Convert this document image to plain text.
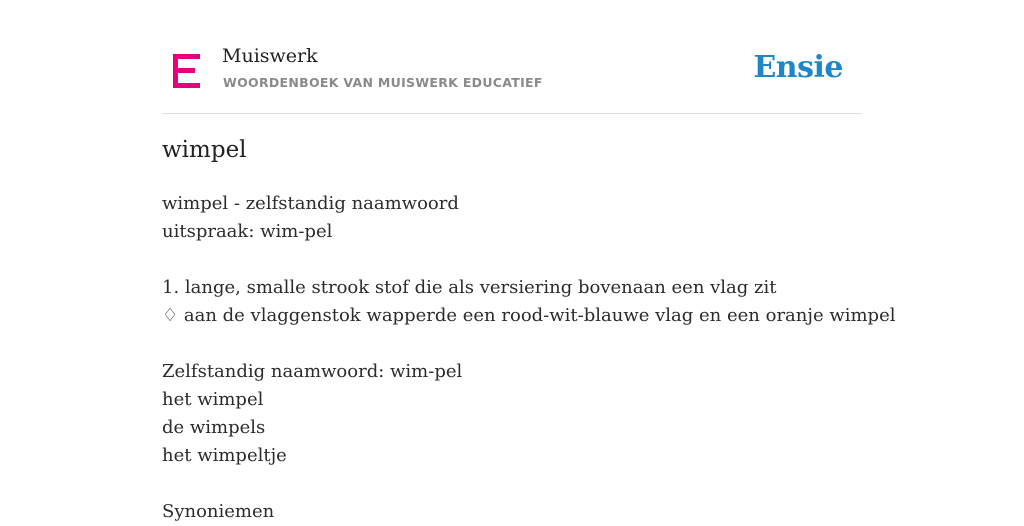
Muiswerk
WOORDENBOEK VAN MUISWERK EDUCATIEF	Ensie
wimpel
wimpel - zelfstandig naamwoord
uitspraak: wim-pel
1. lange, smalle strook stof die als versiering bovenaan een vlag zit
♢ aan de vlaggenstok wapperde een rood-wit-blauwe vlag en een oranje wimpel
Zelfstandig naamwoord: wim-pel
het wimpel
de wimpels
het wimpeltje
Synoniemen
